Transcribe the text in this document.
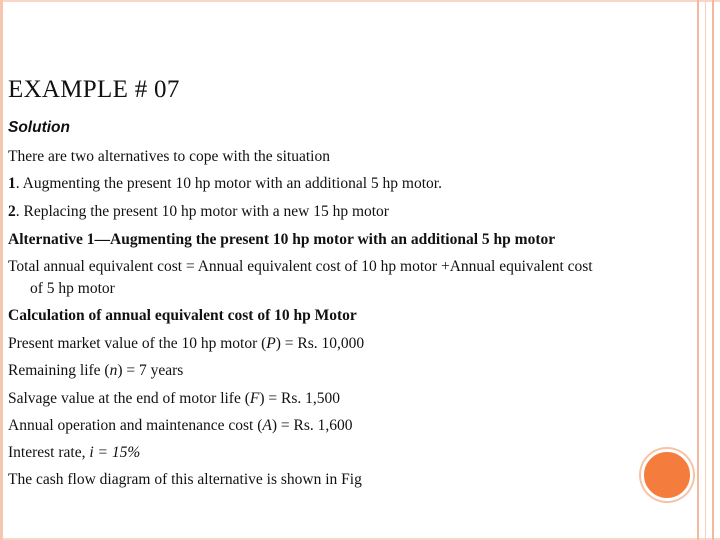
EXAMPLE # 07
Solution
There are two alternatives to cope with the situation
1. Augmenting the present 10 hp motor with an additional 5 hp motor.
2. Replacing the present 10 hp motor with a new 15 hp motor
Alternative 1—Augmenting the present 10 hp motor with an additional 5 hp motor
Total annual equivalent cost = Annual equivalent cost of 10 hp motor +Annual equivalent cost
of 5 hp motor
Calculation of annual equivalent cost of 10 hp Motor
Present market value of the 10 hp motor (P) = Rs. 10,000
Remaining life (n) = 7 years
Salvage value at the end of motor life (F) = Rs. 1,500
Annual operation and maintenance cost (A) = Rs. 1,600
Interest rate, i = 15%
The cash flow diagram of this alternative is shown in Fig
